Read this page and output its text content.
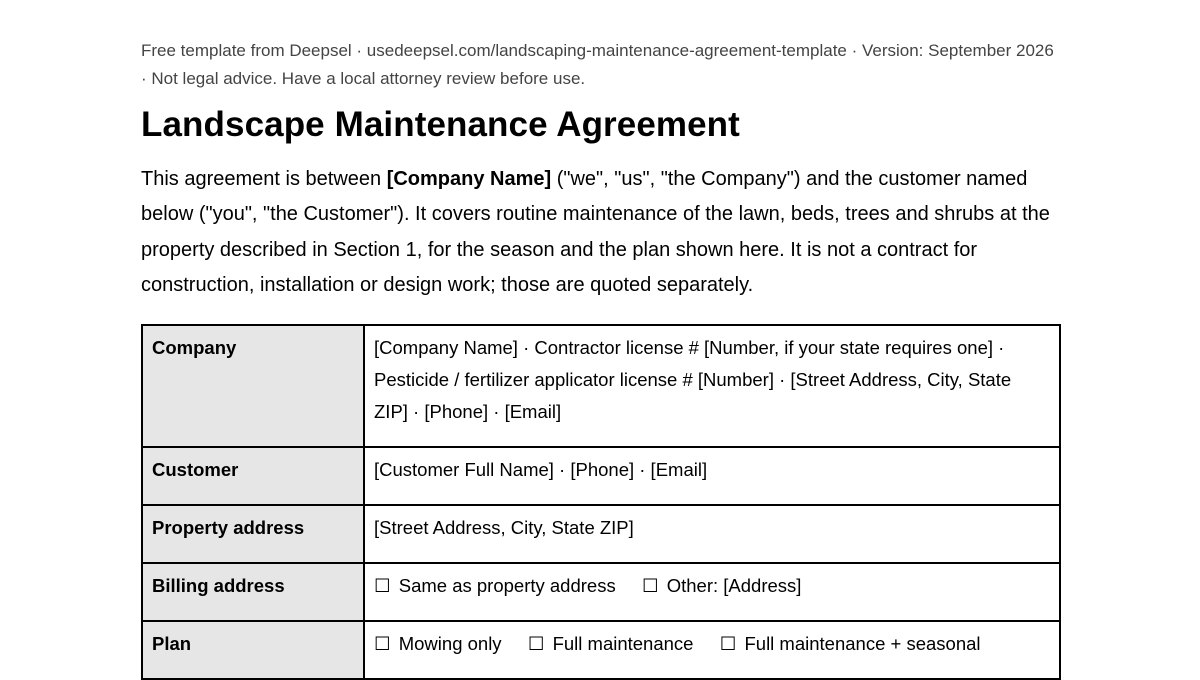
Free template from Deepsel · usedeepsel.com/landscaping-maintenance-agreement-template · Version: September 2026 · Not legal advice. Have a local attorney review before use.

Landscape Maintenance Agreement

This agreement is between [Company Name] ("we", "us", "the Company") and the customer named below ("you", "the Customer"). It covers routine maintenance of the lawn, beds, trees and shrubs at the property described in Section 1, for the season and the plan shown here. It is not a contract for construction, installation or design work; those are quoted separately.

Company	[Company Name] · Contractor license # [Number, if your state requires one] · Pesticide / fertilizer applicator license # [Number] · [Street Address, City, State ZIP] · [Phone] · [Email]
Customer	[Customer Full Name] · [Phone] · [Email]
Property address	[Street Address, City, State ZIP]
Billing address	☐ Same as property address ☐ Other: [Address]
Plan	☐ Mowing only ☐ Full maintenance ☐ Full maintenance + seasonal
